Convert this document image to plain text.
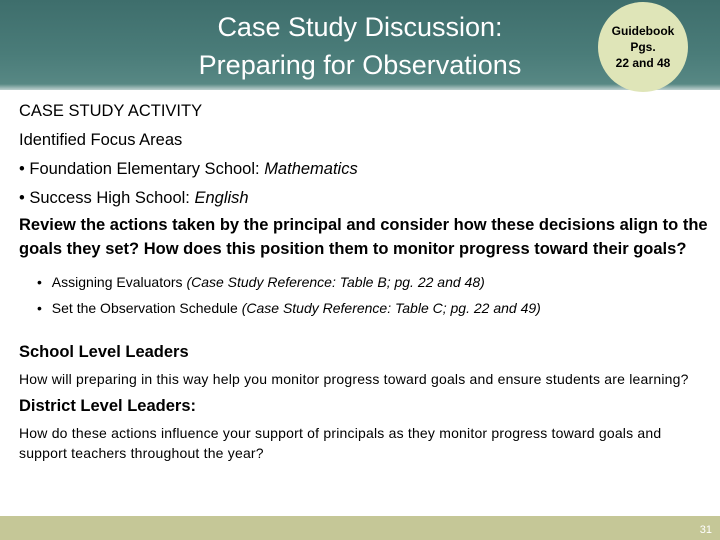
Case Study Discussion:
Preparing for Observations
Guidebook
Pgs.
22 and 48
CASE STUDY ACTIVITY
Identified Focus Areas
• Foundation Elementary School: Mathematics
• Success High School: English
Review the actions taken by the principal and consider how these decisions align to the goals they set? How does this position them to monitor progress toward their goals?
• Assigning Evaluators (Case Study Reference: Table B; pg. 22 and 48)
• Set the Observation Schedule (Case Study Reference: Table C; pg. 22 and 49)
School Level Leaders
How will preparing in this way help you monitor progress toward goals and ensure students are learning?
District Level Leaders:
How do these actions influence your support of principals as they monitor progress toward goals and support teachers throughout the year?
31
